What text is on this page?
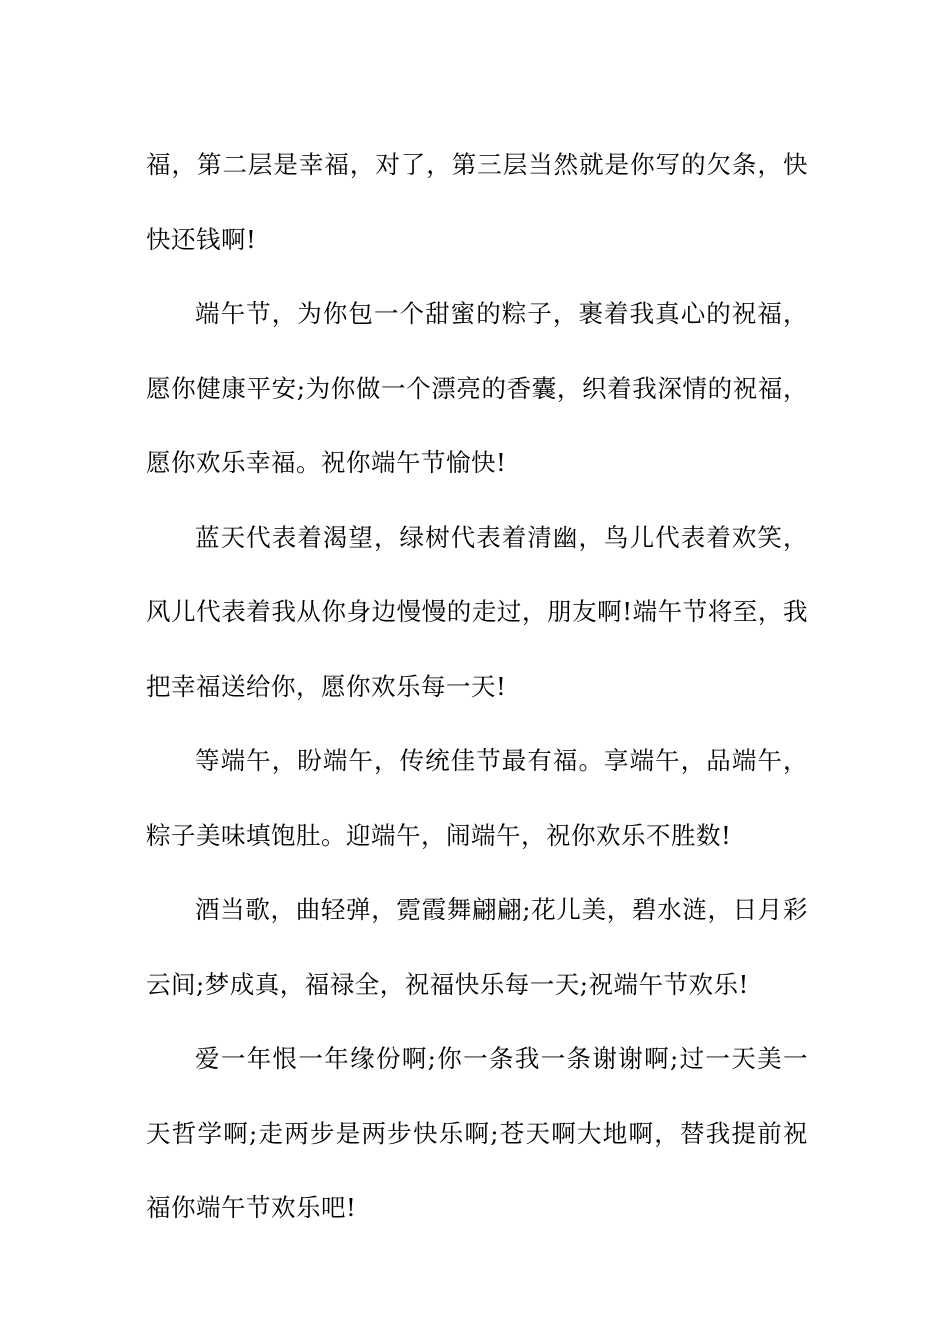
福，第二层是幸福，对了，第三层当然就是你写的欠条，快快还钱啊!

端午节，为你包一个甜蜜的粽子，裹着我真心的祝福，愿你健康平安;为你做一个漂亮的香囊，织着我深情的祝福，愿你欢乐幸福。祝你端午节愉快!

蓝天代表着渴望，绿树代表着清幽，鸟儿代表着欢笑，风儿代表着我从你身边慢慢的走过，朋友啊!端午节将至，我把幸福送给你，愿你欢乐每一天!

等端午，盼端午，传统佳节最有福。享端午，品端午，粽子美味填饱肚。迎端午，闹端午，祝你欢乐不胜数!

酒当歌，曲轻弹，霓霞舞翩翩;花儿美，碧水涟，日月彩云间;梦成真，福禄全，祝福快乐每一天;祝端午节欢乐!

爱一年恨一年缘份啊;你一条我一条谢谢啊;过一天美一天哲学啊;走两步是两步快乐啊;苍天啊大地啊，替我提前祝福你端午节欢乐吧!
